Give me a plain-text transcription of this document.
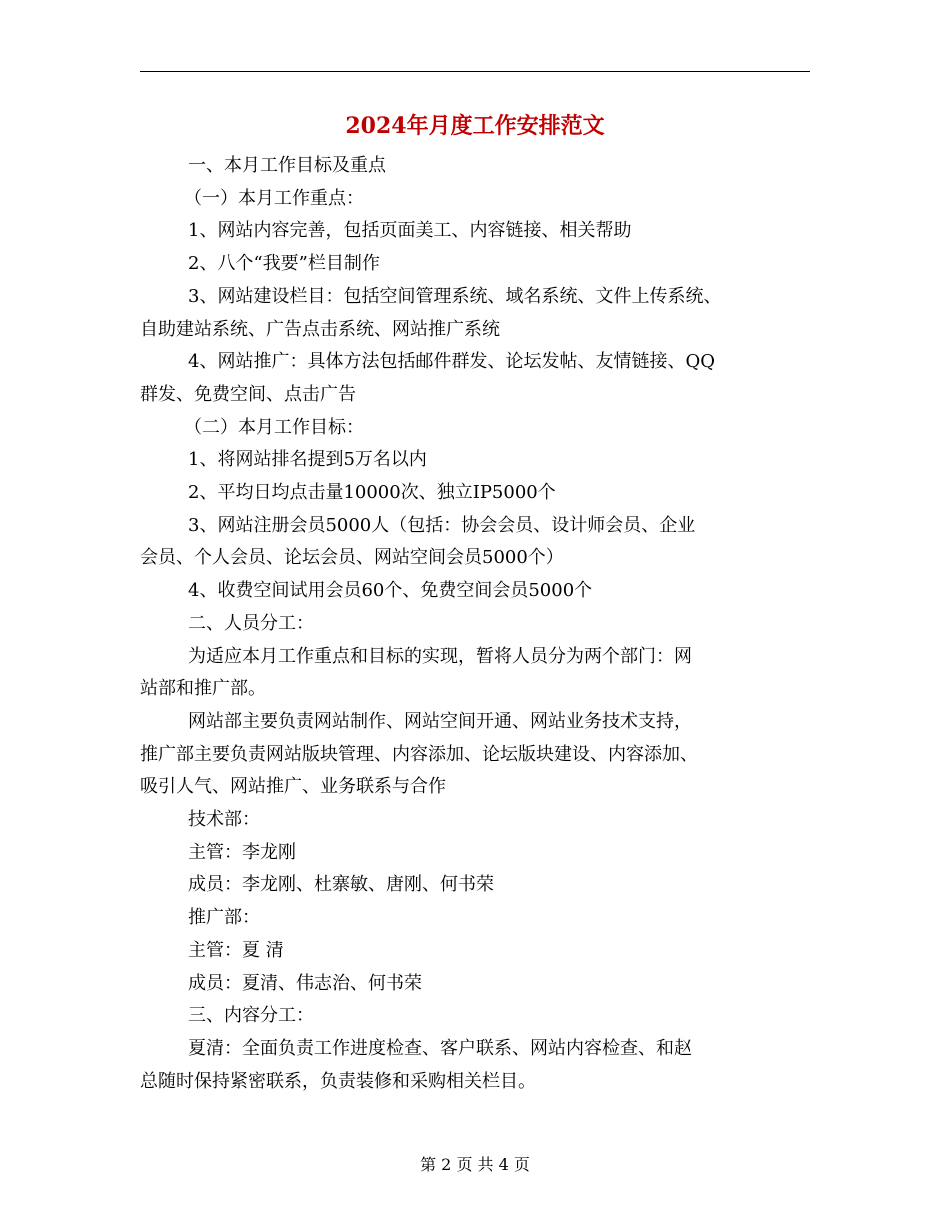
2024年月度工作安排范文

一、本月工作目标及重点

（一）本月工作重点：

1、网站内容完善，包括页面美工、内容链接、相关帮助

2、八个“我要”栏目制作

3、网站建设栏目：包括空间管理系统、域名系统、文件上传系统、

自助建站系统、广告点击系统、网站推广系统

4、网站推广：具体方法包括邮件群发、论坛发帖、友情链接、QQ

群发、免费空间、点击广告

（二）本月工作目标：

1、将网站排名提到5万名以内

2、平均日均点击量10000次、独立IP5000个

3、网站注册会员5000人（包括：协会会员、设计师会员、企业

会员、个人会员、论坛会员、网站空间会员5000个）

4、收费空间试用会员60个、免费空间会员5000个

二、人员分工：

为适应本月工作重点和目标的实现，暂将人员分为两个部门：网

站部和推广部。

网站部主要负责网站制作、网站空间开通、网站业务技术支持，

推广部主要负责网站版块管理、内容添加、论坛版块建设、内容添加、

吸引人气、网站推广、业务联系与合作

技术部：

主管：李龙刚

成员：李龙刚、杜寨敏、唐刚、何书荣

推广部：

主管：夏 清

成员：夏清、伟志治、何书荣

三、内容分工：

夏清：全面负责工作进度检查、客户联系、网站内容检查、和赵

总随时保持紧密联系，负责装修和采购相关栏目。

第 2 页 共 4 页
